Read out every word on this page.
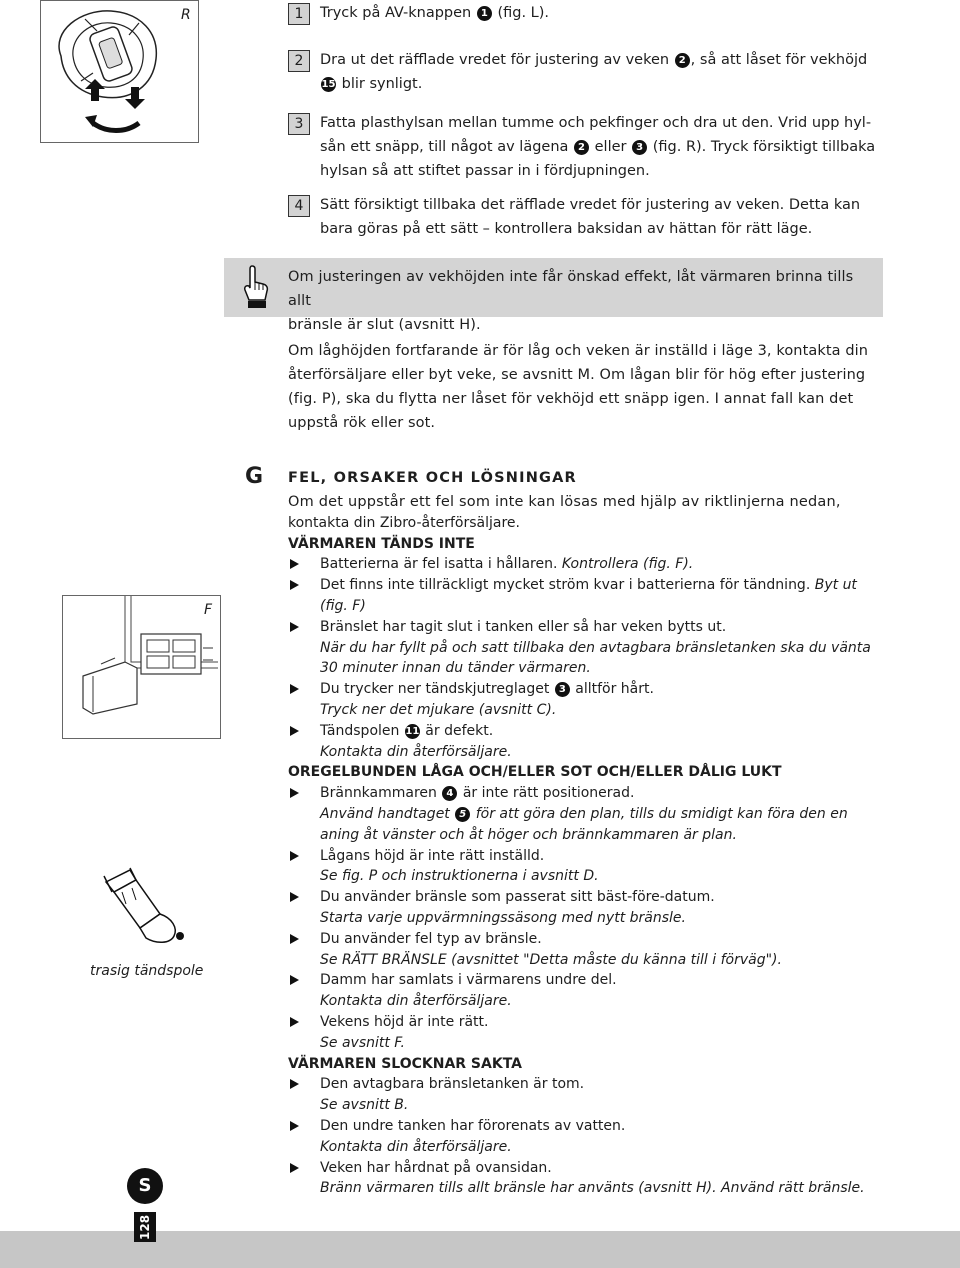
R	1	Tryck på AV-knappen 1 (fig. L).
2	Dra ut det räfflade vredet för justering av veken 2 , så att låset för vekhöjd
15 blir synligt.
3	Fatta plasthylsan mellan tumme och pekfinger och dra ut den. Vrid upp hyl-
sån ett snäpp, till något av lägena 2 eller 3 (fig. R). Tryck försiktigt tillbaka
hylsan så att stiftet passar in i fördjupningen.
4	Sätt försiktigt tillbaka det räfflade vredet för justering av veken. Detta kan
bara göras på ett sätt – kontrollera baksidan av hättan för rätt läge.
Om justeringen av vekhöjden inte får önskad effekt, låt värmaren brinna tills allt
bränsle är slut (avsnitt H).
Om låghöjden fortfarande är för låg och veken är inställd i läge 3, kontakta din
återförsäljare eller byt veke, se avsnitt M. Om lågan blir för hög efter justering
(fig. P), ska du flytta ner låset för vekhöjd ett snäpp igen. I annat fall kan det
uppstå rök eller sot.
F
trasig tändspole
G FEL, ORSAKER OCH LÖSNINGAR
Om det uppstår ett fel som inte kan lösas med hjälp av riktlinjerna nedan,
kontakta din Zibro-återförsäljare.
VÄRMAREN TÄNDS INTE
Batterierna är fel isatta i hållaren. Kontrollera (fig. F).
Det finns inte tillräckligt mycket ström kvar i batterierna för tändning. Byt ut
(fig. F)
Bränslet har tagit slut i tanken eller så har veken bytts ut.
När du har fyllt på och satt tillbaka den avtagbara bränsletanken ska du vänta
30 minuter innan du tänder värmaren.
Du trycker ner tändskjutreglaget 3 alltför hårt.
Tryck ner det mjukare (avsnitt C).
Tändspolen 11 är defekt.
Kontakta din återförsäljare.
OREGELBUNDEN LÅGA OCH/ELLER SOT OCH/ELLER DÅLIG LUKT
Brännkammaren 4 är inte rätt positionerad.
Använd handtaget 5 för att göra den plan, tills du smidigt kan föra den en
aning åt vänster och åt höger och brännkammaren är plan.
Lågans höjd är inte rätt inställd.
Se fig. P och instruktionerna i avsnitt D.
Du använder bränsle som passerat sitt bäst-före-datum.
Starta varje uppvärmningssäsong med nytt bränsle.
Du använder fel typ av bränsle.
Se RÄTT BRÄNSLE (avsnittet "Detta måste du känna till i förväg").
Damm har samlats i värmarens undre del.
Kontakta din återförsäljare.
Vekens höjd är inte rätt.
Se avsnitt F.
VÄRMAREN SLOCKNAR SAKTA
Den avtagbara bränsletanken är tom.
Se avsnitt B.
Den undre tanken har förorenats av vatten.
Kontakta din återförsäljare.
Veken har hårdnat på ovansidan.
Bränn värmaren tills allt bränsle har använts (avsnitt H). Använd rätt bränsle.
S
128
